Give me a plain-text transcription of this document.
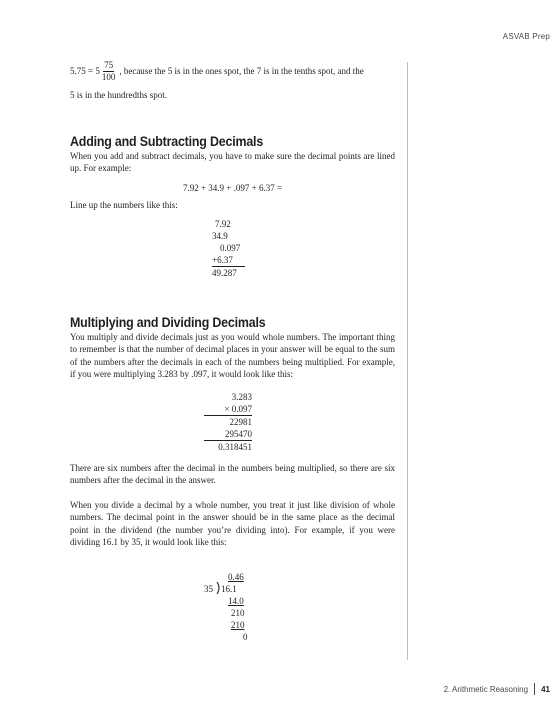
ASVAB Prep
$5.75 = 5 \frac{75}{100}$ , because the 5 is in the ones spot, the 7 is in the tenths spot, and the

5 is in the hundredths spot.

Adding and Subtracting Decimals

When you add and subtract decimals, you have to make sure the decimal points are lined up. For example:

7.92 + 34.9 + .097 + 6.37 =

Line up the numbers like this:

7.92
34.9
0.097
+6.37
49.287
Multiplying and Dividing Decimals

You multiply and divide decimals just as you would whole numbers. The important thing to remember is that the number of decimal places in your answer will be equal to the sum of the numbers after the decimals in each of the numbers being multiplied. For example, if you were multiplying 3.283 by .097, it would look like this:

3.283
× 0.097
22981
295470
0.318451

There are six numbers after the decimal in the numbers being multiplied, so there are six numbers after the decimal in the answer.

When you divide a decimal by a whole number, you treat it just like division of whole numbers. The decimal point in the answer should be in the same place as the decimal point in the dividend (the number you’re dividing into). For example, if you were dividing 16.1 by 35, it would look like this:

0.46
35 16.1
14.0
210
210
0
2. Arithmetic Reasoning 41
